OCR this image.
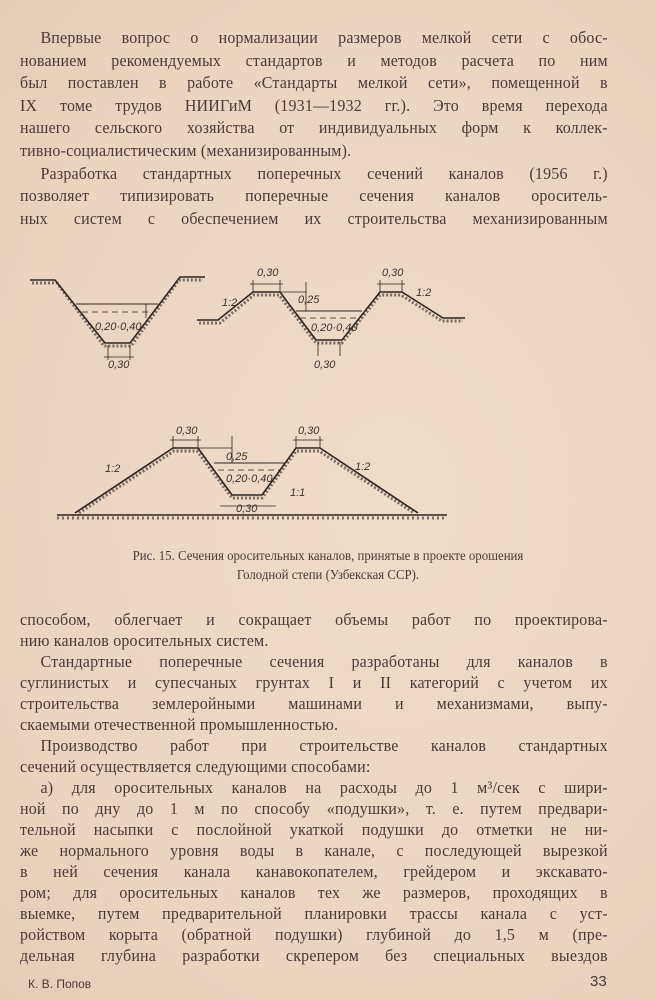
Впервые вопрос о нормализации размеров мелкой сети с обос-
нованием рекомендуемых стандартов и методов расчета по ним
был поставлен в работе «Стандарты мелкой сети», помещенной в
IX томе трудов НИИГиМ (1931—1932 гг.). Это время перехода
нашего сельского хозяйства от индивидуальных форм к коллек-
тивно-социалистическим (механизированным).
Разработка стандартных поперечных сечений каналов (1956 г.)
позволяет типизировать поперечные сечения каналов ороситель-
ных систем с обеспечением их строительства механизированным
0,20·0,40
0,30
0,30	0,30
0,25
0,20·0,40
0,30
1:2
1:2
0,30	0,30
0,25
0,20·0,40
0,30
1:1
1:2	1:2
Рис. 15. Сечения оросительных каналов, принятые в проекте орошения
Голодной степи (Узбекская ССР).
способом, облегчает и сокращает объемы работ по проектирова-
нию каналов оросительных систем.
Стандартные поперечные сечения разработаны для каналов в
суглинистых и супесчаных грунтах I и II категорий с учетом их
строительства землеройными машинами и механизмами, выпу-
скаемыми отечественной промышленностью.
Производство работ при строительстве каналов стандартных
сечений осуществляется следующими способами:
а) для оросительных каналов на расходы до 1 м³/сек с шири-
ной по дну до 1 м по способу «подушки», т. е. путем предвари-
тельной насыпки с послойной укаткой подушки до отметки не ни-
же нормального уровня воды в канале, с последующей вырезкой
в ней сечения канала канавокопателем, грейдером и экскавато-
ром; для оросительных каналов тех же размеров, проходящих в
выемке, путем предварительной планировки трассы канала с уст-
ройством корыта (обратной подушки) глубиной до 1,5 м (пре-
дельная глубина разработки скрепером без специальных выездов
К. В. Попов	33
